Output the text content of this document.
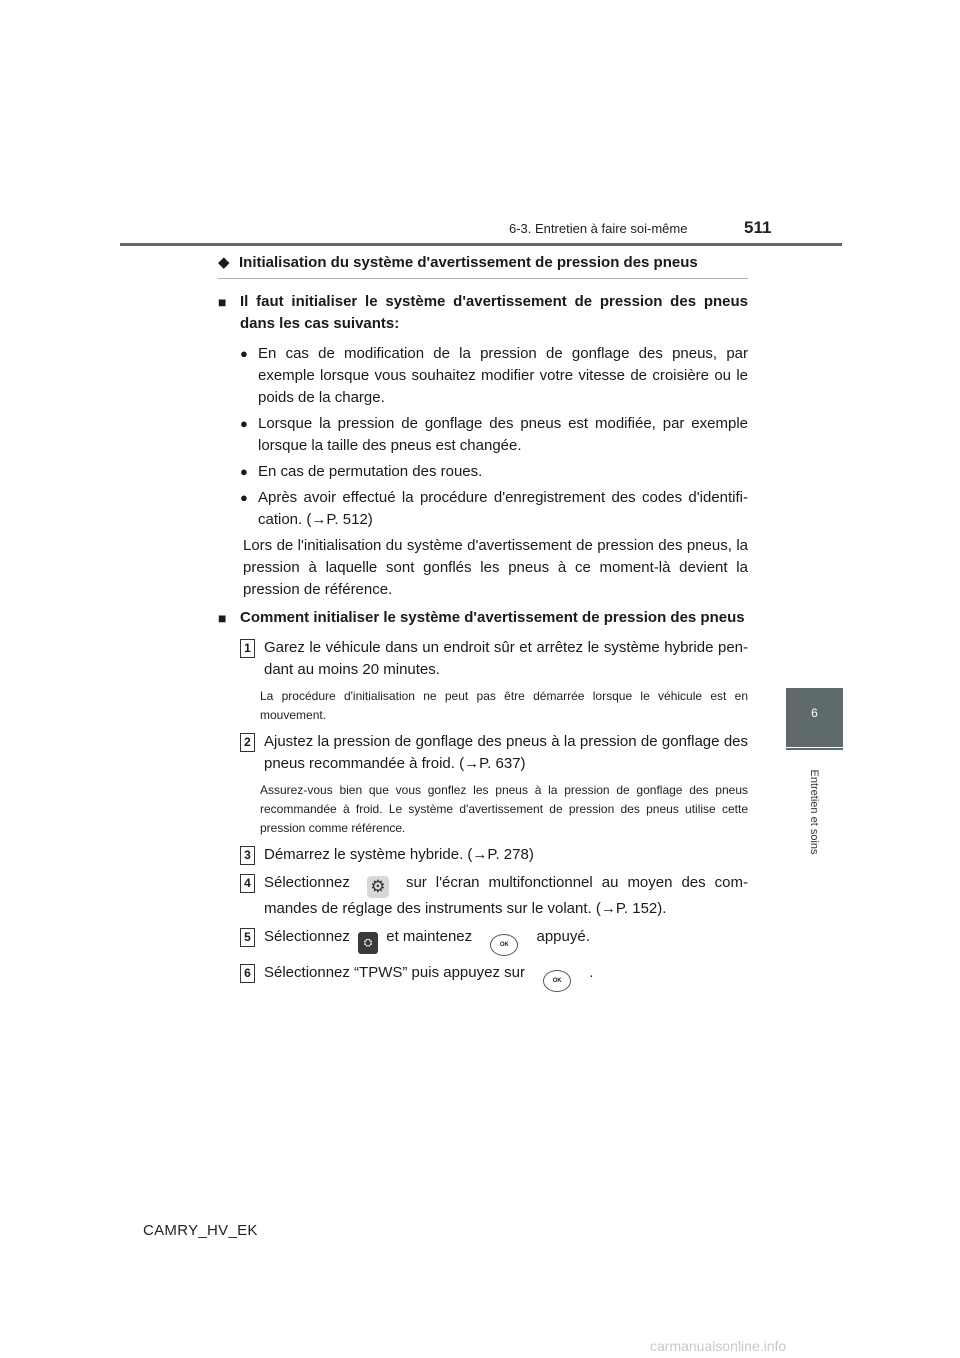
6-3. Entretien à faire soi-même	511
6
Entretien et soins
◆ Initialisation du système d'avertissement de pression des pneus
■ Il faut initialiser le système d'avertissement de pression des pneus dans les cas suivants:
● En cas de modification de la pression de gonflage des pneus, par exemple lorsque vous souhaitez modifier votre vitesse de croisière ou le poids de la charge.
● Lorsque la pression de gonflage des pneus est modifiée, par exemple lorsque la taille des pneus est changée.
● En cas de permutation des roues.
● Après avoir effectué la procédure d'enregistrement des codes d'identifi-cation. (→P. 512)
Lors de l'initialisation du système d'avertissement de pression des pneus, la pression à laquelle sont gonflés les pneus à ce moment-là devient la pression de référence.
■ Comment initialiser le système d'avertissement de pression des pneus
1 Garez le véhicule dans un endroit sûr et arrêtez le système hybride pen-dant au moins 20 minutes.
La procédure d'initialisation ne peut pas être démarrée lorsque le véhicule est en mouvement.
2 Ajustez la pression de gonflage des pneus à la pression de gonflage des pneus recommandée à froid. (→P. 637)
Assurez-vous bien que vous gonflez les pneus à la pression de gonflage des pneus recommandée à froid. Le système d'avertissement de pression des pneus utilise cette pression comme référence.
3 Démarrez le système hybride. (→P. 278)
4 Sélectionnez ⚙ sur l'écran multifonctionnel au moyen des com-mandes de réglage des instruments sur le volant. (→P. 152).
5 Sélectionnez ⛭ et maintenez	OK appuyé.
6 Sélectionnez “TPWS” puis appuyez sur	OK .
CAMRY_HV_EK
carmanualsonline.info
